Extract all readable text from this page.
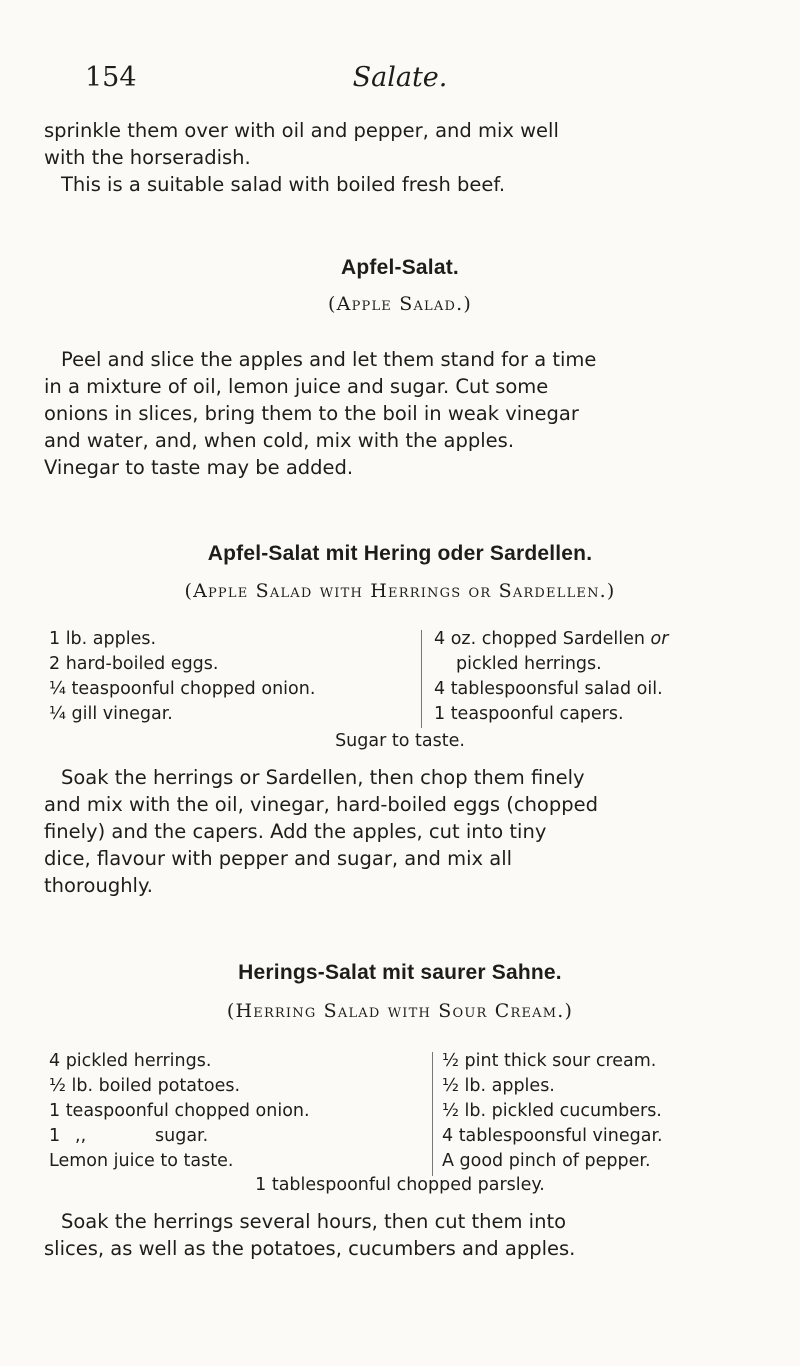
154	Salate.

sprinkle them over with oil and pepper, and mix well
with the horseradish.
This is a suitable salad with boiled fresh beef.

Apfel-Salat.
(Apple Salad.)

Peel and slice the apples and let them stand for a time
in a mixture of oil, lemon juice and sugar. Cut some
onions in slices, bring them to the boil in weak vinegar
and water, and, when cold, mix with the apples.
Vinegar to taste may be added.

Apfel-Salat mit Hering oder Sardellen.
(Apple Salad with Herrings or Sardellen.)
1 lb. apples.
2 hard-boiled eggs.
¼ teaspoonful chopped onion.
¼ gill vinegar.
4 oz. chopped Sardellen or
pickled herrings.
4 tablespoonsful salad oil.
1 teaspoonful capers.
Sugar to taste.

Soak the herrings or Sardellen, then chop them finely
and mix with the oil, vinegar, hard-boiled eggs (chopped
finely) and the capers. Add the apples, cut into tiny
dice, flavour with pepper and sugar, and mix all
thoroughly.

Herings-Salat mit saurer Sahne.
(Herring Salad with Sour Cream.)
4 pickled herrings.
½ lb. boiled potatoes.
1 teaspoonful chopped onion.
1 ,,	sugar.
Lemon juice to taste.
½ pint thick sour cream.
½ lb. apples.
½ lb. pickled cucumbers.
4 tablespoonsful vinegar.
A good pinch of pepper.
1 tablespoonful chopped parsley.

Soak the herrings several hours, then cut them into
slices, as well as the potatoes, cucumbers and apples.
